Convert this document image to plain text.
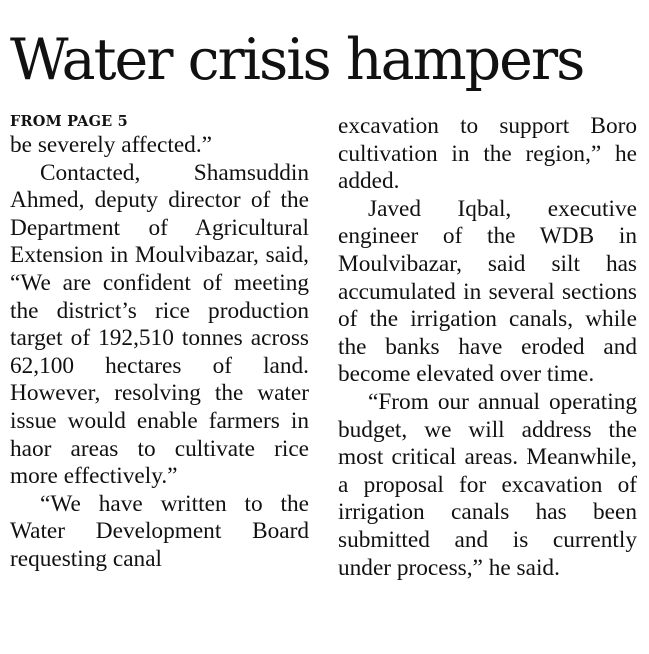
Water crisis hampers
FROM PAGE 5

be severely affected.”

Contacted, Shamsuddin Ahmed, deputy director of the Department of Agricultural Extension in Moulvibazar, said, “We are confident of meeting the district’s rice production target of 192,510 tonnes across 62,100 hectares of land. However, resolving the water issue would enable farmers in haor areas to cultivate rice more effectively.”

“We have written to the Water Development Board requesting canal

excavation to support Boro cultivation in the region,” he added.

Javed Iqbal, executive engineer of the WDB in Moulvibazar, said silt has accumulated in several sections of the irrigation canals, while the banks have eroded and become elevated over time.

“From our annual operating budget, we will address the most critical areas. Meanwhile, a proposal for excavation of irrigation canals has been submitted and is currently under process,” he said.
